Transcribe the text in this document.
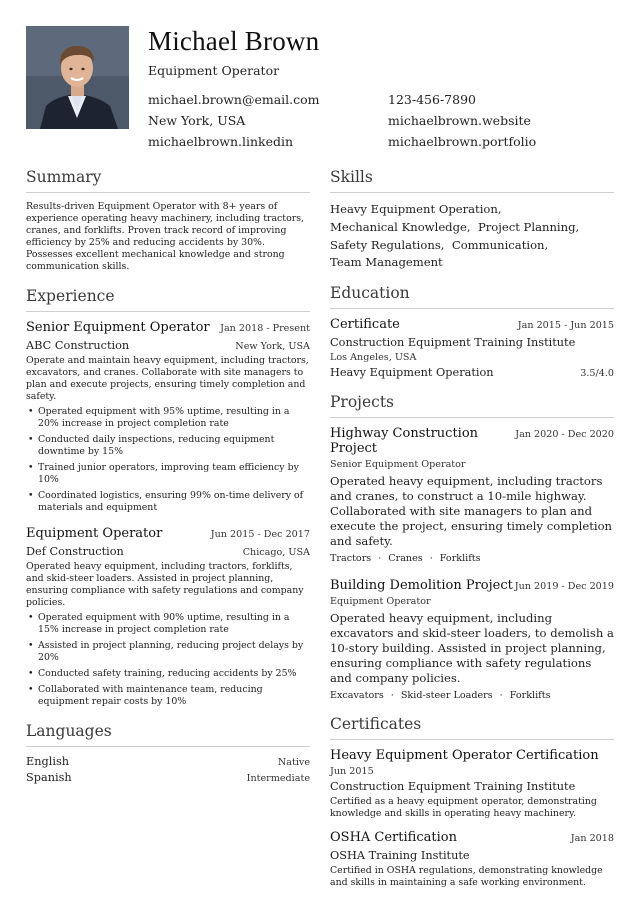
Michael Brown
Equipment Operator
michael.brown@email.com	123-456-7890
New York, USA	michaelbrown.website
michaelbrown.linkedin	michaelbrown.portfolio
Summary
Results-driven Equipment Operator with 8+ years of experience operating heavy machinery, including tractors, cranes, and forklifts. Proven track record of improving efficiency by 25% and reducing accidents by 30%. Possesses excellent mechanical knowledge and strong communication skills.
Experience
Senior Equipment Operator Jan 2018 - Present
ABC Construction	New York, USA
Operate and maintain heavy equipment, including tractors, excavators, and cranes. Collaborate with site managers to plan and execute projects, ensuring timely completion and safety.
• Operated equipment with 95% uptime, resulting in a 20% increase in project completion rate
• Conducted daily inspections, reducing equipment downtime by 15%
• Trained junior operators, improving team efficiency by 10%
• Coordinated logistics, ensuring 99% on-time delivery of materials and equipment
Equipment Operator	Jun 2015 - Dec 2017
Def Construction	Chicago, USA
Operated heavy equipment, including tractors, forklifts, and skid-steer loaders. Assisted in project planning, ensuring compliance with safety regulations and company policies.
• Operated equipment with 90% uptime, resulting in a 15% increase in project completion rate
• Assisted in project planning, reducing project delays by 20%
• Conducted safety training, reducing accidents by 25%
• Collaborated with maintenance team, reducing equipment repair costs by 10%
Languages
English	Native
Spanish	Intermediate
Skills
Heavy Equipment Operation,
Mechanical Knowledge,  Project Planning,
Safety Regulations,  Communication,
Team Management
Education
Certificate	Jan 2015 - Jun 2015
Construction Equipment Training Institute
Los Angeles, USA
Heavy Equipment Operation	3.5/4.0
Projects
Highway Construction Project
Jan 2020 - Dec 2020
Senior Equipment Operator
Operated heavy equipment, including tractors and cranes, to construct a 10-mile highway. Collaborated with site managers to plan and execute the project, ensuring timely completion and safety.
Tractors · Cranes · Forklifts
Building Demolition Project Jun 2019 - Dec 2019
Equipment Operator
Operated heavy equipment, including excavators and skid-steer loaders, to demolish a 10-story building. Assisted in project planning, ensuring compliance with safety regulations and company policies.
Excavators · Skid-steer Loaders · Forklifts
Certificates
Heavy Equipment Operator Certification
Jun 2015
Construction Equipment Training Institute
Certified as a heavy equipment operator, demonstrating knowledge and skills in operating heavy machinery.
OSHA Certification	Jan 2018
OSHA Training Institute
Certified in OSHA regulations, demonstrating knowledge and skills in maintaining a safe working environment.
